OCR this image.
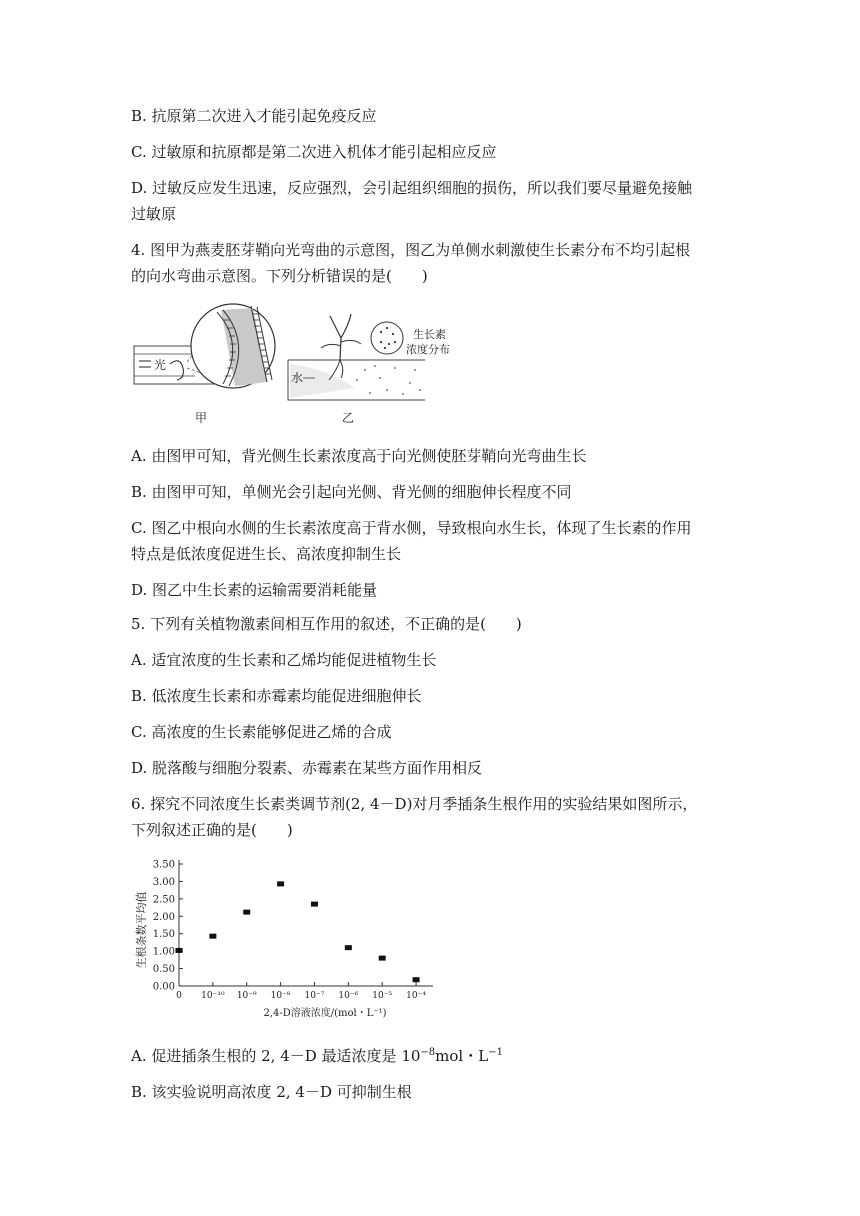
B. 抗原第二次进入才能引起免疫反应
C. 过敏原和抗原都是第二次进入机体才能引起相应反应
D. 过敏反应发生迅速，反应强烈，会引起组织细胞的损伤，所以我们要尽量避免接触
过敏原
4. 图甲为燕麦胚芽鞘向光弯曲的示意图，图乙为单侧水刺激使生长素分布不均引起根
的向水弯曲示意图。下列分析错误的是(　　)
光
甲
水
生长素
浓度分布
乙
A. 由图甲可知，背光侧生长素浓度高于向光侧使胚芽鞘向光弯曲生长
B. 由图甲可知，单侧光会引起向光侧、背光侧的细胞伸长程度不同
C. 图乙中根向水侧的生长素浓度高于背水侧，导致根向水生长，体现了生长素的作用
特点是低浓度促进生长、高浓度抑制生长
D. 图乙中生长素的运输需要消耗能量
5. 下列有关植物激素间相互作用的叙述，不正确的是(　　)
A. 适宜浓度的生长素和乙烯均能促进植物生长
B. 低浓度生长素和赤霉素均能促进细胞伸长
C. 高浓度的生长素能够促进乙烯的合成
D. 脱落酸与细胞分裂素、赤霉素在某些方面作用相反
6. 探究不同浓度生长素类调节剂(2, 4－D)对月季插条生根作用的实验结果如图所示，
下列叙述正确的是(　　)
0.00
0.50
1.00
1.50
2.00
2.50
3.00
3.50
0 10⁻¹⁰ 10⁻⁹ 10⁻⁸ 10⁻⁷ 10⁻⁶ 10⁻⁵ 10⁻⁴
2,4-D溶液浓度/(mol・L⁻¹)
生根条数平均值
A. 促进插条生根的 2, 4－D 最适浓度是 $10^{-8}mol$・$L^{-1}$
B. 该实验说明高浓度 2, 4－D 可抑制生根
